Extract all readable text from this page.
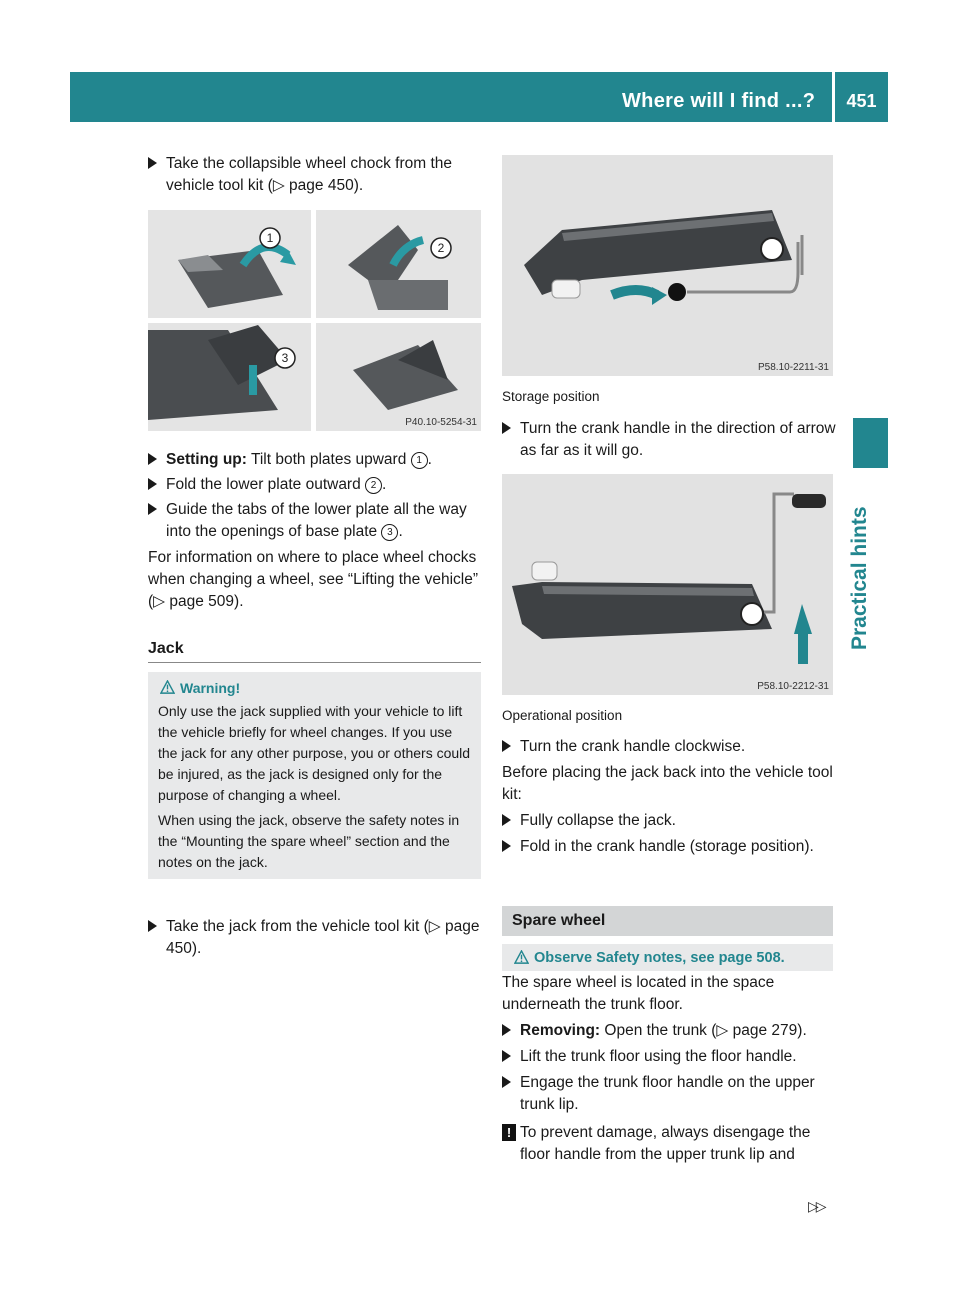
Where will I find ...?	451
Practical hints
Take the collapsible wheel chock from the vehicle tool kit (▷ page 450).
1
2
3
P40.10-5254-31
Setting up: Tilt both plates upward 1 .
Fold the lower plate outward 2 .
Guide the tabs of the lower plate all the way into the openings of base plate 3 .
For information on where to place wheel chocks when changing a wheel, see “Lifting the vehicle” (▷ page 509).
Jack
Warning!
Only use the jack supplied with your vehicle to lift the vehicle briefly for wheel changes. If you use the jack for any other purpose, you or others could be injured, as the jack is designed only for the purpose of changing a wheel.
When using the jack, observe the safety notes in the “Mounting the spare wheel” section and the notes on the jack.
Take the jack from the vehicle tool kit (▷ page 450).
P58.10-2211-31
Storage position
Turn the crank handle in the direction of arrow as far as it will go.
P58.10-2212-31
Operational position
Turn the crank handle clockwise.
Before placing the jack back into the vehicle tool kit:
Fully collapse the jack.
Fold in the crank handle (storage position).
Spare wheel
Observe Safety notes, see page 508.
The spare wheel is located in the space underneath the trunk floor.
Removing: Open the trunk (▷ page 279).
Lift the trunk floor using the floor handle.
Engage the trunk floor handle on the upper trunk lip.
! To prevent damage, always disengage the floor handle from the upper trunk lip and
▷▷
